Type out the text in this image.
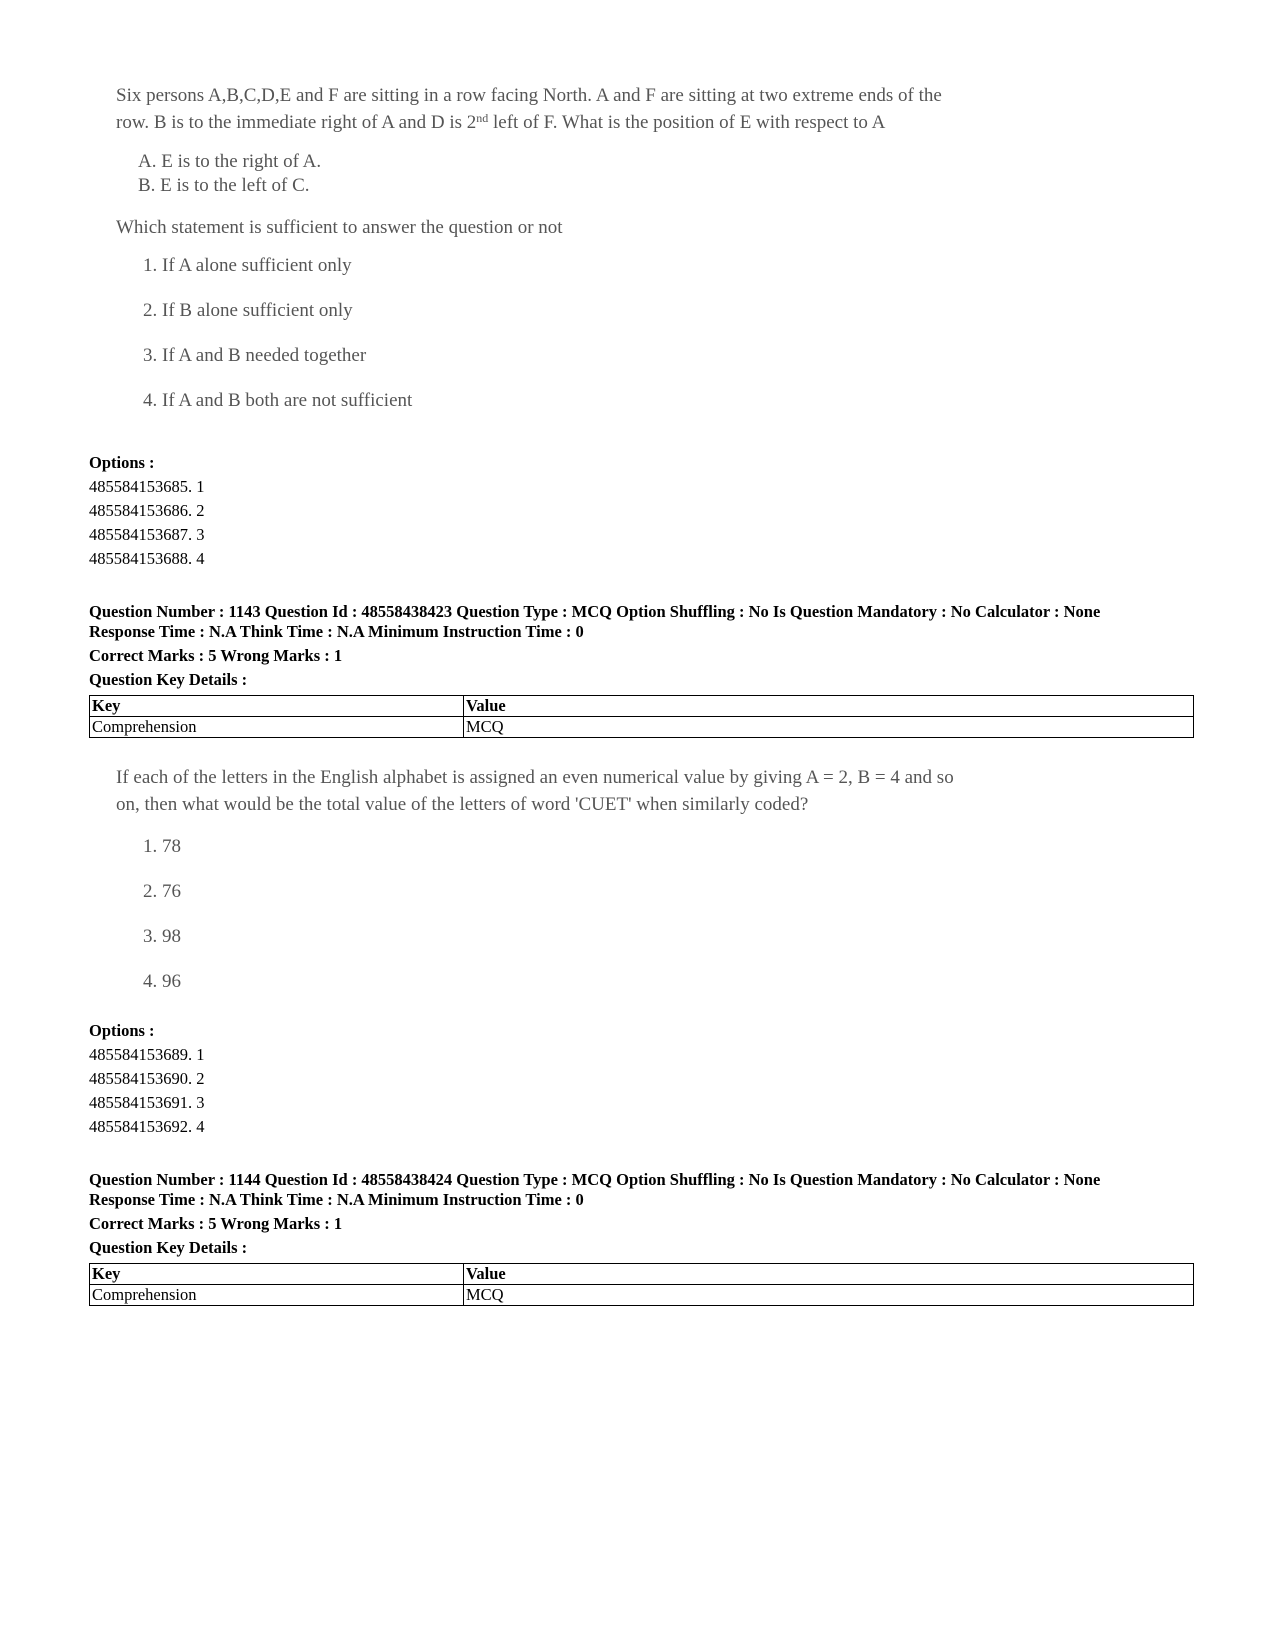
Six persons A,B,C,D,E and F are sitting in a row facing North. A and F are sitting at two extreme ends of the

row. B is to the immediate right of A and D is 2nd left of F. What is the position of E with respect to A

A. E is to the right of A.

B. E is to the left of C.

Which statement is sufficient to answer the question or not

1. If A alone sufficient only

2. If B alone sufficient only

3. If A and B needed together

4. If A and B both are not sufficient

Options :
485584153685. 1
485584153686. 2
485584153687. 3
485584153688. 4
Question Number : 1143 Question Id : 48558438423 Question Type : MCQ Option Shuffling : No Is Question Mandatory : No Calculator : None
Response Time : N.A Think Time : N.A Minimum Instruction Time : 0
Correct Marks : 5 Wrong Marks : 1
Question Key Details :
Key	Value
Comprehension	MCQ

If each of the letters in the English alphabet is assigned an even numerical value by giving A = 2, B = 4 and so

on, then what would be the total value of the letters of word 'CUET' when similarly coded?

1. 78

2. 76

3. 98

4. 96

Options :
485584153689. 1
485584153690. 2
485584153691. 3
485584153692. 4
Question Number : 1144 Question Id : 48558438424 Question Type : MCQ Option Shuffling : No Is Question Mandatory : No Calculator : None
Response Time : N.A Think Time : N.A Minimum Instruction Time : 0
Correct Marks : 5 Wrong Marks : 1
Question Key Details :
Key	Value
Comprehension	MCQ
